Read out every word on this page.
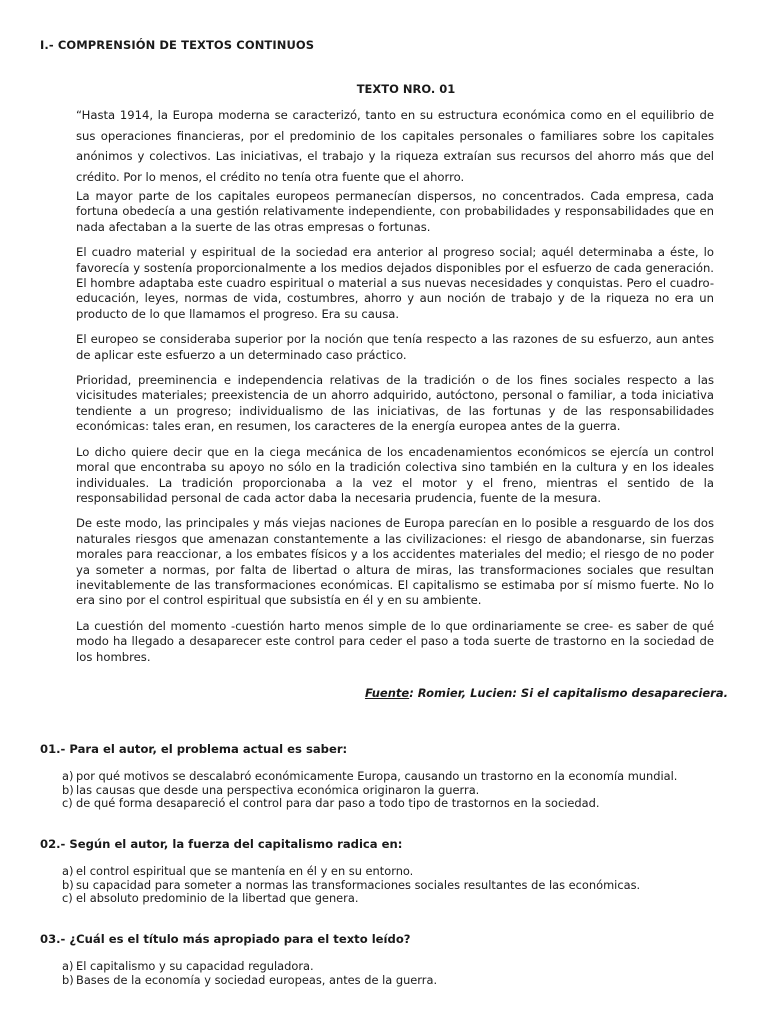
I.- COMPRENSIÓN DE TEXTOS CONTINUOS
TEXTO NRO. 01

“Hasta 1914, la Europa moderna se caracterizó, tanto en su estructura económica como en el equilibrio de sus operaciones financieras, por el predominio de los capitales personales o familiares sobre los capitales anónimos y colectivos. Las iniciativas, el trabajo y la riqueza extraían sus recursos del ahorro más que del crédito. Por lo menos, el crédito no tenía otra fuente que el ahorro.

La mayor parte de los capitales europeos permanecían dispersos, no concentrados. Cada empresa, cada fortuna obedecía a una gestión relativamente independiente, con probabilidades y responsabilidades que en nada afectaban a la suerte de las otras empresas o fortunas.

El cuadro material y espiritual de la sociedad era anterior al progreso social; aquél determinaba a éste, lo favorecía y sostenía proporcionalmente a los medios dejados disponibles por el esfuerzo de cada generación. El hombre adaptaba este cuadro espiritual o material a sus nuevas necesidades y conquistas. Pero el cuadro-educación, leyes, normas de vida, costumbres, ahorro y aun noción de trabajo y de la riqueza no era un producto de lo que llamamos el progreso. Era su causa.

El europeo se consideraba superior por la noción que tenía respecto a las razones de su esfuerzo, aun antes de aplicar este esfuerzo a un determinado caso práctico.

Prioridad, preeminencia e independencia relativas de la tradición o de los fines sociales respecto a las vicisitudes materiales; preexistencia de un ahorro adquirido, autóctono, personal o familiar, a toda iniciativa tendiente a un progreso; individualismo de las iniciativas, de las fortunas y de las responsabilidades económicas: tales eran, en resumen, los caracteres de la energía europea antes de la guerra.

Lo dicho quiere decir que en la ciega mecánica de los encadenamientos económicos se ejercía un control moral que encontraba su apoyo no sólo en la tradición colectiva sino también en la cultura y en los ideales individuales. La tradición proporcionaba a la vez el motor y el freno, mientras el sentido de la responsabilidad personal de cada actor daba la necesaria prudencia, fuente de la mesura.

De este modo, las principales y más viejas naciones de Europa parecían en lo posible a resguardo de los dos naturales riesgos que amenazan constantemente a las civilizaciones: el riesgo de abandonarse, sin fuerzas morales para reaccionar, a los embates físicos y a los accidentes materiales del medio; el riesgo de no poder ya someter a normas, por falta de libertad o altura de miras, las transformaciones sociales que resultan inevitablemente de las transformaciones económicas. El capitalismo se estimaba por sí mismo fuerte. No lo era sino por el control espiritual que subsistía en él y en su ambiente.

La cuestión del momento -cuestión harto menos simple de lo que ordinariamente se cree- es saber de qué modo ha llegado a desaparecer este control para ceder el paso a toda suerte de trastorno en la sociedad de los hombres.

Fuente: Romier, Lucien: Si el capitalismo desapareciera.

01.- Para el autor, el problema actual es saber:
a) por qué motivos se descalabró económicamente Europa, causando un trastorno en la economía mundial.
b) las causas que desde una perspectiva económica originaron la guerra.
c) de qué forma desapareció el control para dar paso a todo tipo de trastornos en la sociedad.
02.- Según el autor, la fuerza del capitalismo radica en:
a) el control espiritual que se mantenía en él y en su entorno.
b) su capacidad para someter a normas las transformaciones sociales resultantes de las económicas.
c) el absoluto predominio de la libertad que genera.
03.- ¿Cuál es el título más apropiado para el texto leído?
a) El capitalismo y su capacidad reguladora.
b) Bases de la economía y sociedad europeas, antes de la guerra.
